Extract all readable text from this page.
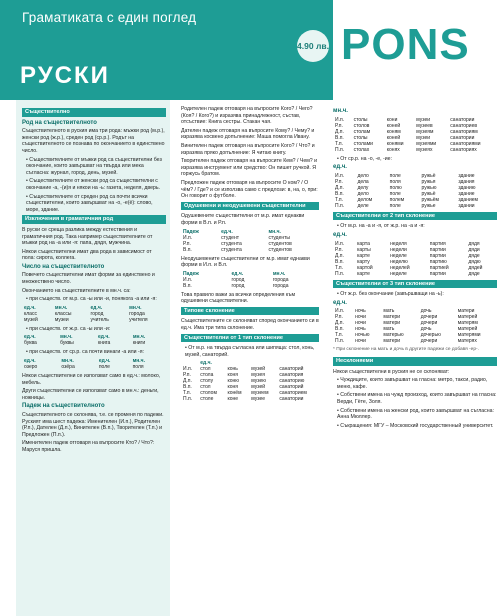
Граматиката с един поглед
РУСКИ
4.90 лв. PONS
Съществително
Род на съществителното

Съществителното в руския има три рода: мъжки род (м.р.), женски род (ж.р.), среден род (ср.р.). Родът на съществителното се познава по окончанието в единствено число.

• Съществителните от мъжки род са съществителни без окончание, които завършват на твърда или мека съгласна: журнал, город, день, музей.

• Съществителните от женски род са съществителни с окончание -а, -(и)я и някои на -ь: газета, неделя, дверь.

• Съществителните от среден род са почти всички съществителни, които завършват на -о, -е(ё): слово, море, здание.

Изключения в граматичния род

В руски се среща разлика между естествения и граматичния род. Така например съществителните от мъжки род на -а или -я: папа, дядя, мужчина.

Някои съществителни имат два рода в зависимост от пола: сирота, коллега.

Число на съществителното

Повечето съществителни имат форми за единствено и множествено число.

Окончанието на съществителните в мн.ч. са:

• при съществ. от м.р. са -ы или -и, понякога -а или -я:

ед.ч.	мн.ч.	ед.ч.	мн.ч.
класс	классы	город	города
музей	музеи	учитель	учителя

• при съществ. от ж.р. са -ы или -и:

ед.ч.	мн.ч.	ед.ч.	мн.ч.
буква	буквы	книга	книги

• при съществ. от ср.р. са почти винаги -а или -я:

ед.ч.	мн.ч.	ед.ч.	мн.ч.
озеро	озёра	поле	поля

Някои съществителни се използват само в ед.ч.: молоко, мебель.

Други съществителни се използват само в мн.ч.: деньги, ножницы.

Падеж на съществителното

Съществителното се склонява, т.е. се променя по падежи. Руският има шест падежа: Именителен (И.п.), Родителен (Р.п.), Дателен (Д.п.), Винителен (В.п.), Творителен (Т.п.) и Предложен (П.п.).

Именителен падеж отговаря на въпросите Кто? / Что?: Маруся пришла.

Родителен падеж отговаря на въпросите Кого? / Чего? (Коя? / Кого?) и изразява принадлежност, състав, отсъствие: Книга сестры. Стакан чая.

Дателен падеж отговаря на въпросите Кому? / Чему? и изразява косвено допълнение: Маша помогла Ивану.

Винителен падеж отговаря на въпросите Кого? / Что? и изразява пряко допълнение: Я читаю книгу.

Творителен падеж отговаря на въпросите Кем? / Чем? и изразява инструмент или средство: Он пишет ручкой. Я горжусь братом.

Предложен падеж отговаря на въпросите О ком? / О чём? / Где? и се използва само с предлози: в, на, о, при: Он говорит о футболе.

Одушевени и неодушевени съществителни

Одушевените съществителни от м.р. имат еднакви форми в В.п. и Р.п.

Падеж	ед.ч.	мн.ч.
И.п.	студент	студенты
Р.п.	студента	студентов
В.п.	студента	студентов

Неодушевените съществителни от м.р. имат еднакви форми в И.п. и В.п.

Падеж	ед.ч.	мн.ч.
И.п.	город	города
В.п.	город	города

Това правило важи за всички определения към одушевени съществителни.

Типове склонение

Съществителните се склоняват според окончанието си в ед.ч. Има три типа склонение.

Съществителни от 1 тип склонение

• От м.р. на твърда съгласна или шипяща: стол, конь, музей, санаторий.

	ед.ч.			
И.п.	стол	конь	музей	санаторий
Р.п.	стола	коня	музея	санатория
Д.п.	столу	коню	музею	санаторию
В.п.	стол	коня	музей	санаторий
Т.п.	столом	конём	музеем	санаторием
П.п.	столе	коне	музее	санатории
мн.ч.
И.п.	столы	кони	музеи	санатории
Р.п.	столов	коней	музеев	санаториев
Д.п.	столам	коням	музеям	санаториям
В.п.	столы	коней	музеи	санатории
Т.п.	столами	конями	музеями	санаториями
П.п.	столах	конях	музеях	санаториях

• От ср.р. на -о, -е, -ие:

ед.ч.
И.п.	дело	поле	ружьё	здание
Р.п.	дела	поля	ружья	здания
Д.п.	делу	полю	ружью	зданию
В.п.	дело	поле	ружьё	здание
Т.п.	делом	полем	ружьём	зданием
П.п.	деле	поле	ружье	здании
Съществителни от 2 тип склонение

• От м.р. на -а и -я, от ж.р. на -а и -я:

ед.ч.
И.п.	карта	неделя	партия	дядя
Р.п.	карты	недели	партии	дяди
Д.п.	карте	неделе	партии	дяде
В.п.	карту	неделю	партию	дядю
Т.п.	картой	неделей	партией	дядей
П.п.	карте	неделе	партии	дяде
Съществителни от 3 тип склонение

• От ж.р. без окончание (завършващи на -ь):

ед.ч.
И.п.	ночь	мать	дочь	матери
Р.п.	ночи	матери	дочери	матерей
Д.п.	ночи	матери	дочери	матерям
В.п.	ночь	мать	дочь	матерей
Т.п.	ночью	матерью	дочерью	матерями
П.п.	ночи	матери	дочери	матерях

* При склонение на мать и дочь в другите падежи се добавя -ер-.

Несклоняеми

Някои съществителни в руския не се склоняват:

• Чуждиците, които завършват на гласна: метро, такси, радио, меню, кафе.

• Собствени имена на чужд произход, които завършват на гласна: Верди, Гёте, Золя.

• Собствени имена на женски род, които завършват на съгласна: Анна Мюллер.

• Съкращения: МГУ – Московский государственный университет.
